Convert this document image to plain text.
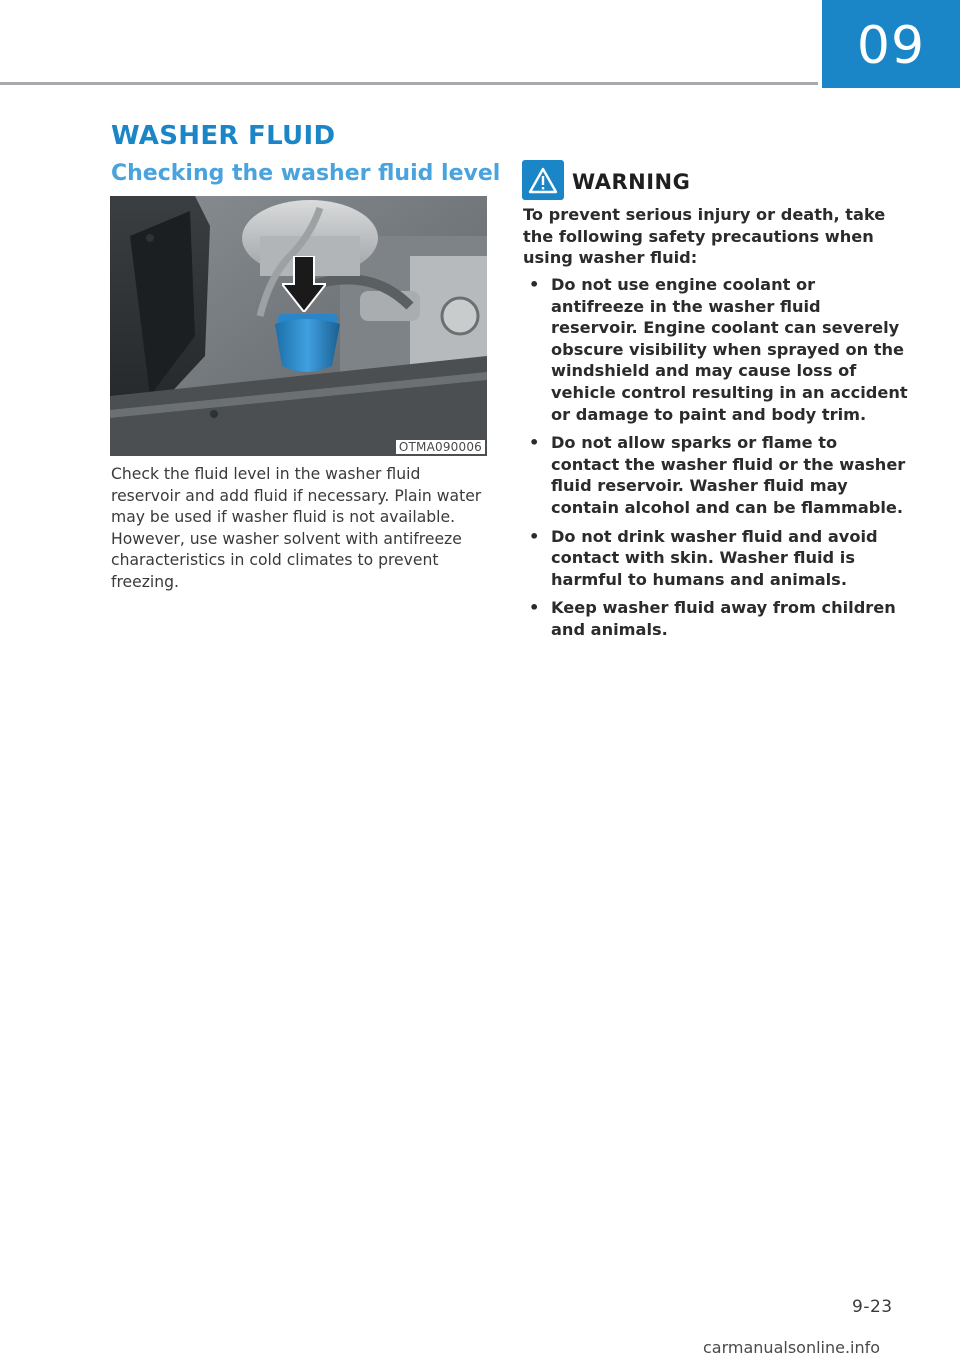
09
WASHER FLUID
Checking the washer fluid level
OTMA090006
Check the fluid level in the washer fluid reservoir and add fluid if necessary. Plain water may be used if washer fluid is not available. However, use washer solvent with antifreeze characteristics in cold climates to prevent freezing.
WARNING
To prevent serious injury or death, take the following safety precautions when using washer fluid:
• Do not use engine coolant or antifreeze in the washer fluid reservoir. Engine coolant can severely obscure visibility when sprayed on the windshield and may cause loss of vehicle control resulting in an accident or damage to paint and body trim.
• Do not allow sparks or flame to contact the washer fluid or the washer fluid reservoir. Washer fluid may contain alcohol and can be flammable.
• Do not drink washer fluid and avoid contact with skin. Washer fluid is harmful to humans and animals.
• Keep washer fluid away from children and animals.
9-23
carmanualsonline.info
